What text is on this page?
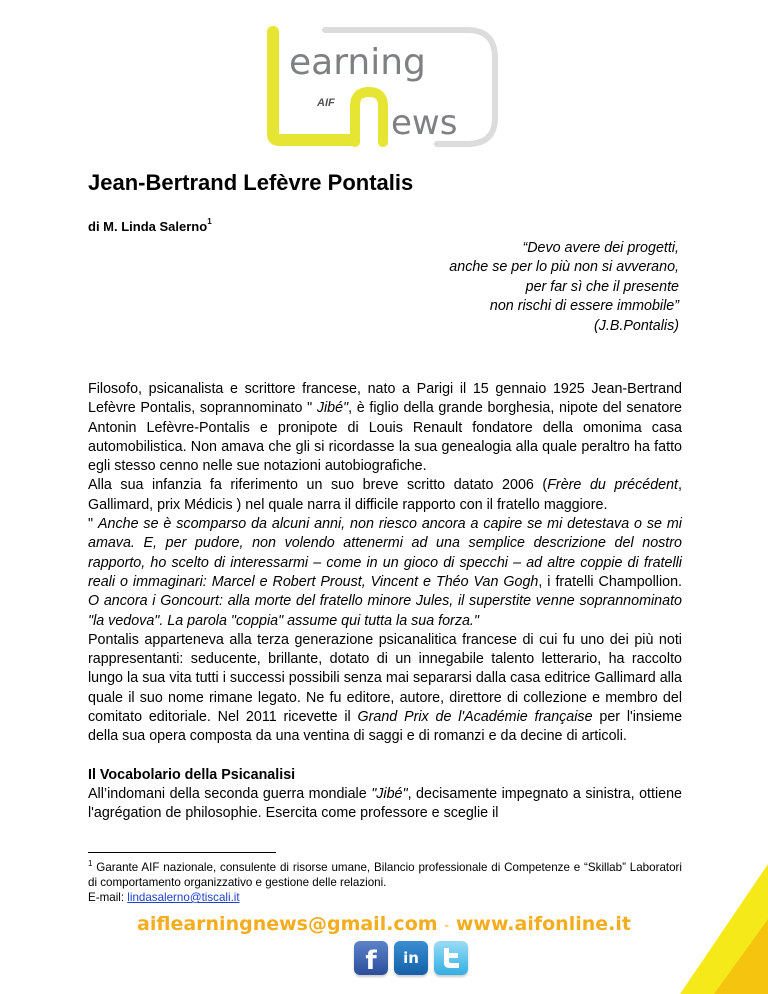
earning
ews
AIF
Jean-Bertrand Lefèvre Pontalis
di M. Linda Salerno$^1$
“Devo avere dei progetti,
anche se per lo più non si avverano,
per far sì che il presente
non rischi di essere immobile”
(J.B.Pontalis)

Filosofo, psicanalista e scrittore francese, nato a Parigi il 15 gennaio 1925 Jean-Bertrand Lefèvre Pontalis, soprannominato " Jibé", è figlio della grande borghesia, nipote del senatore Antonin Lefèvre-Pontalis e pronipote di Louis Renault fondatore della omonima casa automobilistica. Non amava che gli si ricordasse la sua genealogia alla quale peraltro ha fatto egli stesso cenno nelle sue notazioni autobiografiche.

Alla sua infanzia fa riferimento un suo breve scritto datato 2006 (Frère du précédent, Gallimard, prix Médicis ) nel quale narra il difficile rapporto con il fratello maggiore.

" Anche se è scomparso da alcuni anni, non riesco ancora a capire se mi detestava o se mi amava. E, per pudore, non volendo attenermi ad una semplice descrizione del nostro rapporto, ho scelto di interessarmi – come in un gioco di specchi – ad altre coppie di fratelli reali o immaginari: Marcel e Robert Proust, Vincent e Théo Van Gogh, i fratelli Champollion. O ancora i Goncourt: alla morte del fratello minore Jules, il superstite venne soprannominato "la vedova". La parola "coppia" assume qui tutta la sua forza."

Pontalis apparteneva alla terza generazione psicanalitica francese di cui fu uno dei più noti rappresentanti: seducente, brillante, dotato di un innegabile talento letterario, ha raccolto lungo la sua vita tutti i successi possibili senza mai separarsi dalla casa editrice Gallimard alla quale il suo nome rimane legato. Ne fu editore, autore, direttore di collezione e membro del comitato editoriale. Nel 2011 ricevette il Grand Prix de l'Académie française per l'insieme della sua opera composta da una ventina di saggi e di romanzi e da decine di articoli.

Il Vocabolario della Psicanalisi

All’indomani della seconda guerra mondiale "Jibé", decisamente impegnato a sinistra, ottiene l'agrégation de philosophie. Esercita come professore e sceglie il

$^1$ Garante AIF nazionale, consulente di risorse umane, Bilancio professionale di Competenze e “Skillab” Laboratori di comportamento organizzativo e gestione delle relazioni.
E-mail: lindasalerno@tiscali.it
aiflearningnews@gmail.com - www.aifonline.it
f	in
